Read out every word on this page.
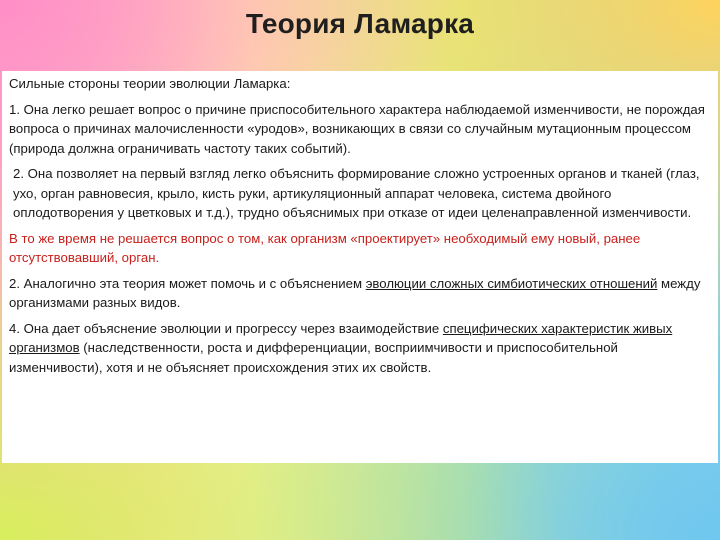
Теория Ламарка

Сильные стороны теории эволюции Ламарка:

1. Она легко решает вопрос о причине приспособительного характера наблюдаемой изменчивости, не порождая вопроса о причинах малочисленности «уродов», возникающих в связи со случайным мутационным процессом (природа должна ограничивать частоту таких событий).

2. Она позволяет на первый взгляд легко объяснить формирование сложно устроенных органов и тканей (глаз, ухо, орган равновесия, крыло, кисть руки, артикуляционный аппарат человека, система двойного оплодотворения у цветковых и т.д.), трудно объяснимых при отказе от идеи целенаправленной изменчивости.

В то же время не решается вопрос о том, как организм «проектирует» необходимый ему новый, ранее отсутствовавший, орган.

2. Аналогично эта теория может помочь и с объяснением эволюции сложных симбиотических отношений между организмами разных видов.

4. Она дает объяснение эволюции и прогрессу через взаимодействие специфических характеристик живых организмов (наследственности, роста и дифференциации, восприимчивости и приспособительной изменчивости), хотя и не объясняет происхождения этих их свойств.
